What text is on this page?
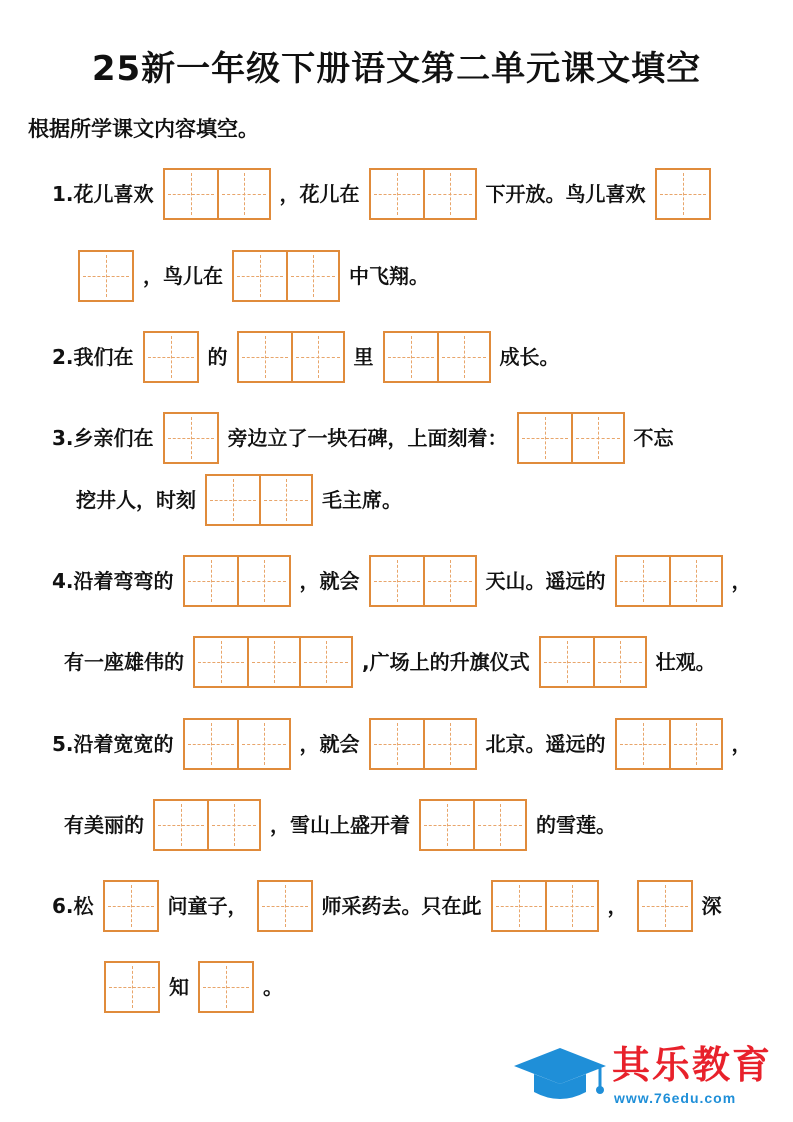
25新一年级下册语文第二单元课文填空
根据所学课文内容填空。
1.花儿喜欢	，花儿在	下开放。鸟儿喜欢
，鸟儿在	中飞翔。
2.我们在	的	里	成长。
3.乡亲们在	旁边立了一块石碑，上面刻着：	不忘
挖井人，时刻	毛主席。
4.沿着弯弯的	，就会	天山。遥远的	，
有一座雄伟的	,广场上的升旗仪式	壮观。
5.沿着宽宽的	，就会	北京。遥远的	，
有美丽的	，雪山上盛开着	的雪莲。
6.松	问童子，	师采药去。只在此	，	深
知	。
其乐教育
www.76edu.com
